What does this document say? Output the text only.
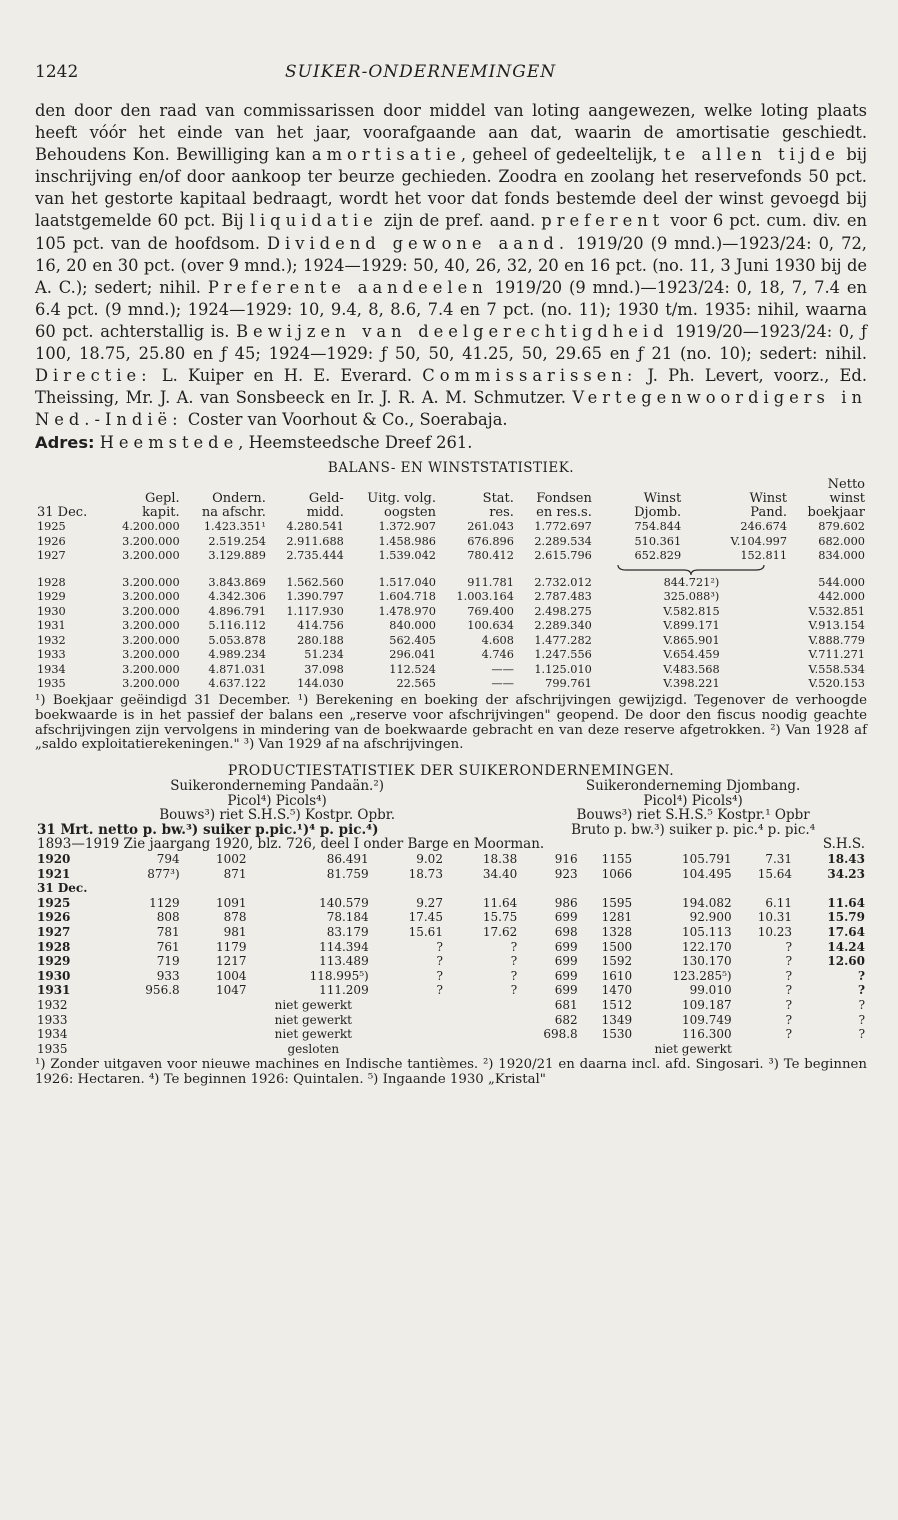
1242	SUIKER-ONDERNEMINGEN

den door den raad van commissarissen door middel van loting aangewezen, welke loting plaats heeft vóór het einde van het jaar, voorafgaande aan dat, waarin de amortisatie geschiedt. Behoudens Kon. Bewilliging kan amortisatie, geheel of gedeeltelijk, te allen tijde bij inschrijving en/of door aankoop ter beurze gechieden. Zoodra en zoolang het reservefonds 50 pct. van het gestorte kapitaal bedraagt, wordt het voor dat fonds bestemde deel der winst gevoegd bij laatstgemelde 60 pct. Bij liquidatie zijn de pref. aand. preferent voor 6 pct. cum. div. en 105 pct. van de hoofdsom. Dividend gewone aand. 1919/20 (9 mnd.)—1923/24: 0, 72, 16, 20 en 30 pct. (over 9 mnd.); 1924—1929: 50, 40, 26, 32, 20 en 16 pct. (no. 11, 3 Juni 1930 bij de A. C.); sedert; nihil. Preferente aandeelen 1919/20 (9 mnd.)—1923/24: 0, 18, 7, 7.4 en 6.4 pct. (9 mnd.); 1924—1929: 10, 9.4, 8, 8.6, 7.4 en 7 pct. (no. 11); 1930 t/m. 1935: nihil, waarna 60 pct. achterstallig is. Bewijzen van deelgerechtigdheid 1919/20—1923/24: 0, ƒ 100, 18.75, 25.80 en ƒ 45; 1924—1929: ƒ 50, 50, 41.25, 50, 29.65 en ƒ 21 (no. 10); sedert: nihil. Directie: L. Kuiper en H. E. Everard. Commissarissen: J. Ph. Levert, voorz., Ed. Theissing, Mr. J. A. van Sonsbeeck en Ir. J. R. A. M. Schmutzer. Vertegenwoordigers in Ned.-Indië: Coster van Voorhout & Co., Soerabaja.

Adres: Heemstede, Heemsteedsche Dreef 261.
BALANS- EN WINSTSTATISTIEK.
									Netto
	Gepl.	Ondern.	Geld-	Uitg. volg.	Stat.	Fondsen	Winst	Winst	winst
31 Dec.	kapit.	na afschr.	midd.	oogsten	res.	en res.s.	Djomb.	Pand.	boekjaar
1925	4.200.000	1.423.351¹	4.280.541	1.372.907	261.043	1.772.697	754.844	246.674	879.602
1926	3.200.000	2.519.254	2.911.688	1.458.986	676.896	2.289.534	510.361	V.104.997	682.000
1927	3.200.000	3.129.889	2.735.444	1.539.042	780.412	2.615.796	652.829	152.811	834.000

1928	3.200.000	3.843.869	1.562.560	1.517.040	911.781	2.732.012	844.721²)		544.000
1929	3.200.000	4.342.306	1.390.797	1.604.718	1.003.164	2.787.483	325.088³)		442.000
1930	3.200.000	4.896.791	1.117.930	1.478.970	769.400	2.498.275	V.582.815		V.532.851
1931	3.200.000	5.116.112	414.756	840.000	100.634	2.289.340	V.899.171		V.913.154
1932	3.200.000	5.053.878	280.188	562.405	4.608	1.477.282	V.865.901		V.888.779
1933	3.200.000	4.989.234	51.234	296.041	4.746	1.247.556	V.654.459		V.711.271
1934	3.200.000	4.871.031	37.098	112.524	——	1.125.010	V.483.568		V.558.534
1935	3.200.000	4.637.122	144.030	22.565	——	799.761	V.398.221		V.520.153
¹) Boekjaar geëindigd 31 December. ¹) Berekening en boeking der afschrijvingen gewijzigd. Tegenover de verhoogde boekwaarde is in het passief der balans een „reserve voor afschrijvingen" geopend. De door den fiscus noodig geachte afschrijvingen zijn vervolgens in mindering van de boekwaarde gebracht en van deze reserve afgetrokken. ²) Van 1928 af „saldo exploitatierekeningen." ³) Van 1929 af na afschrijvingen.
PRODUCTIESTATISTIEK DER SUIKERONDERNEMINGEN.
Suikeronderneming Pandaän.²)						Suikeronderneming Djombang.				
Picol⁴) Picols⁴)						Picol⁴) Picols⁴)				
Bouws³) riet S.H.S.⁵) Kostpr. Opbr.						Bouws³) riet S.H.S.⁵ Kostpr.¹ Opbr				
31 Mrt. netto p. bw.³) suiker p.pic.¹)⁴ p. pic.⁴)						Bruto p. bw.³) suiker p. pic.⁴ p. pic.⁴				
1893—1919 Zie jaargang 1920, blz. 726, deel I onder Barge en Moorman.										S.H.S.
1920	794	1002	86.491	9.02	18.38	916	1155	105.791	7.31	18.43
1921	877³)	871	81.759	18.73	34.40	923	1066	104.495	15.64	34.23
31 Dec.										
1925	1129	1091	140.579	9.27	11.64	986	1595	194.082	6.11	11.64
1926	808	878	78.184	17.45	15.75	699	1281	92.900	10.31	15.79
1927	781	981	83.179	15.61	17.62	698	1328	105.113	10.23	17.64
1928	761	1179	114.394	?	?	699	1500	122.170	?	14.24
1929	719	1217	113.489	?	?	699	1592	130.170	?	12.60
1930	933	1004	118.995⁵)	?	?	699	1610	123.285⁵)	?	?
1931	956.8	1047	111.209	?	?	699	1470	99.010	?	?
1932	niet gewerkt					681	1512	109.187	?	?
1933	niet gewerkt					682	1349	109.749	?	?
1934	niet gewerkt					698.8	1530	116.300	?	?
1935	gesloten					niet gewerkt				
¹) Zonder uitgaven voor nieuwe machines en Indische tantièmes. ²) 1920/21 en daarna incl. afd. Singosari. ³) Te beginnen 1926: Hectaren. ⁴) Te beginnen 1926: Quintalen. ⁵) Ingaande 1930 „Kristal"
